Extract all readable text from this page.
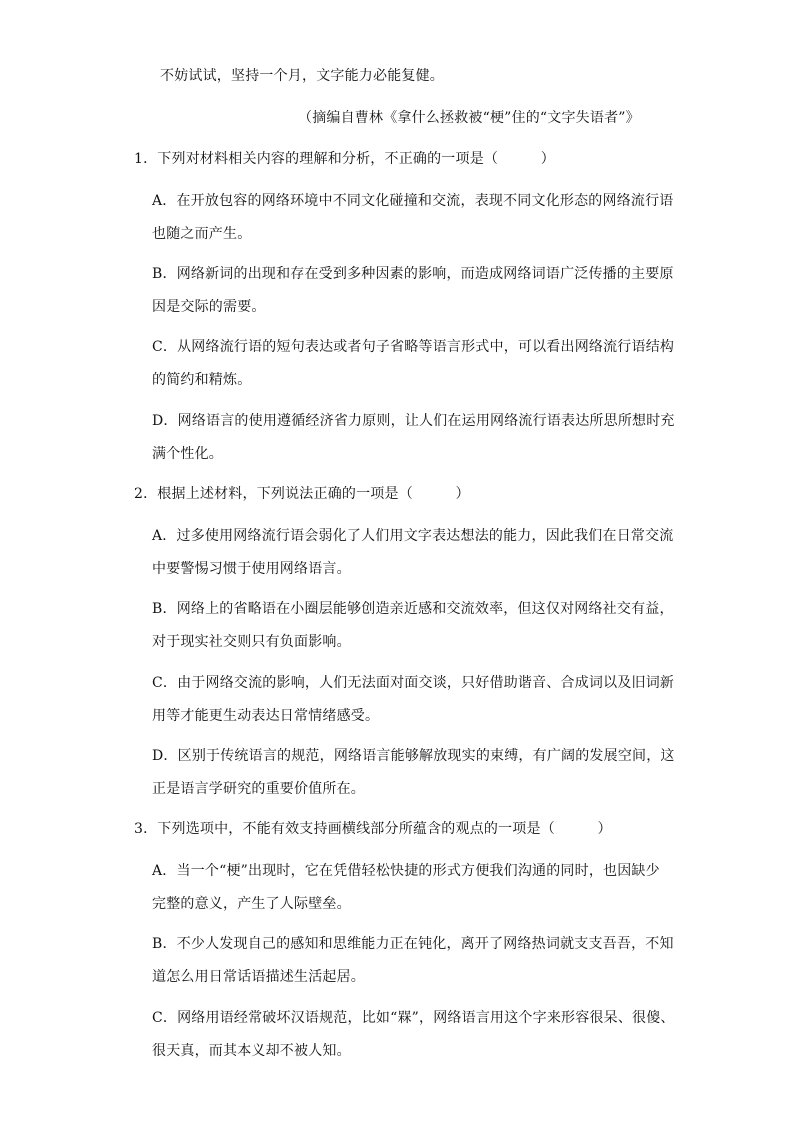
不妨试试，坚持一个月，文字能力必能复健。
（摘编自曹林《拿什么拯救被“梗”住的“文字失语者”》
1．下列对材料相关内容的理解和分析，不正确的一项是（　　　）
A．在开放包容的网络环境中不同文化碰撞和交流，表现不同文化形态的网络流行语
也随之而产生。
B．网络新词的出现和存在受到多种因素的影响，而造成网络词语广泛传播的主要原
因是交际的需要。
C．从网络流行语的短句表达或者句子省略等语言形式中，可以看出网络流行语结构
的简约和精炼。
D．网络语言的使用遵循经济省力原则，让人们在运用网络流行语表达所思所想时充
满个性化。
2．根据上述材料，下列说法正确的一项是（　　　）
A．过多使用网络流行语会弱化了人们用文字表达想法的能力，因此我们在日常交流
中要警惕习惯于使用网络语言。
B．网络上的省略语在小圈层能够创造亲近感和交流效率，但这仅对网络社交有益，
对于现实社交则只有负面影响。
C．由于网络交流的影响，人们无法面对面交谈，只好借助谐音、合成词以及旧词新
用等才能更生动表达日常情绪感受。
D．区别于传统语言的规范，网络语言能够解放现实的束缚，有广阔的发展空间，这
正是语言学研究的重要价值所在。
3．下列选项中，不能有效支持画横线部分所蕴含的观点的一项是（　　　）
A．当一个“梗”出现时，它在凭借轻松快捷的形式方便我们沟通的同时，也因缺少
完整的意义，产生了人际壁垒。
B．不少人发现自己的感知和思维能力正在钝化，离开了网络热词就支支吾吾，不知
道怎么用日常话语描述生活起居。
C．网络用语经常破坏汉语规范，比如“槑”，网络语言用这个字来形容很呆、很傻、
很天真，而其本义却不被人知。
